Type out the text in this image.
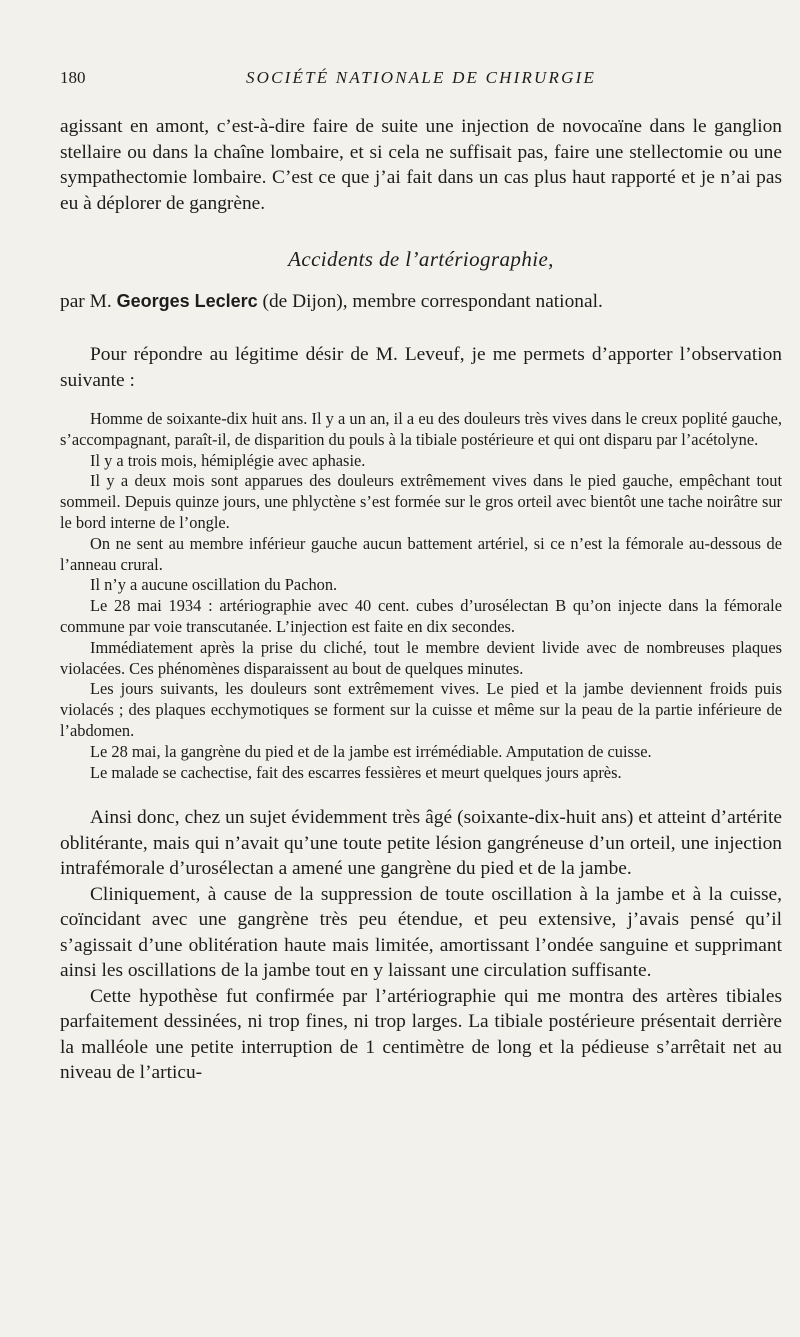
180	SOCIÉTÉ NATIONALE DE CHIRURGIE

agissant en amont, c’est-à-dire faire de suite une injection de novocaïne dans le ganglion stellaire ou dans la chaîne lombaire, et si cela ne suffisait pas, faire une stellectomie ou une sympathectomie lombaire. C’est ce que j’ai fait dans un cas plus haut rapporté et je n’ai pas eu à déplorer de gangrène.

Accidents de l’artériographie,

par M. Georges Leclerc (de Dijon), membre correspondant national.

Pour répondre au légitime désir de M. Leveuf, je me permets d’apporter l’observation suivante :

Homme de soixante-dix huit ans. Il y a un an, il a eu des douleurs très vives dans le creux poplité gauche, s’accompagnant, paraît-il, de disparition du pouls à la tibiale postérieure et qui ont disparu par l’acétolyne.

Il y a trois mois, hémiplégie avec aphasie.

Il y a deux mois sont apparues des douleurs extrêmement vives dans le pied gauche, empêchant tout sommeil. Depuis quinze jours, une phlyctène s’est formée sur le gros orteil avec bientôt une tache noirâtre sur le bord interne de l’ongle.

On ne sent au membre inférieur gauche aucun battement artériel, si ce n’est la fémorale au-dessous de l’anneau crural.

Il n’y a aucune oscillation du Pachon.

Le 28 mai 1934 : artériographie avec 40 cent. cubes d’urosélectan B qu’on injecte dans la fémorale commune par voie transcutanée. L’injection est faite en dix secondes.

Immédiatement après la prise du cliché, tout le membre devient livide avec de nombreuses plaques violacées. Ces phénomènes disparaissent au bout de quelques minutes.

Les jours suivants, les douleurs sont extrêmement vives. Le pied et la jambe deviennent froids puis violacés ; des plaques ecchymotiques se forment sur la cuisse et même sur la peau de la partie inférieure de l’abdomen.

Le 28 mai, la gangrène du pied et de la jambe est irrémédiable. Amputation de cuisse.

Le malade se cachectise, fait des escarres fessières et meurt quelques jours après.

Ainsi donc, chez un sujet évidemment très âgé (soixante-dix-huit ans) et atteint d’artérite oblitérante, mais qui n’avait qu’une toute petite lésion gangréneuse d’un orteil, une injection intrafémorale d’urosélectan a amené une gangrène du pied et de la jambe.

Cliniquement, à cause de la suppression de toute oscillation à la jambe et à la cuisse, coïncidant avec une gangrène très peu étendue, et peu extensive, j’avais pensé qu’il s’agissait d’une oblitération haute mais limitée, amortissant l’ondée sanguine et supprimant ainsi les oscillations de la jambe tout en y laissant une circulation suffisante.

Cette hypothèse fut confirmée par l’artériographie qui me montra des artères tibiales parfaitement dessinées, ni trop fines, ni trop larges. La tibiale postérieure présentait derrière la malléole une petite interruption de 1 centimètre de long et la pédieuse s’arrêtait net au niveau de l’articu-
